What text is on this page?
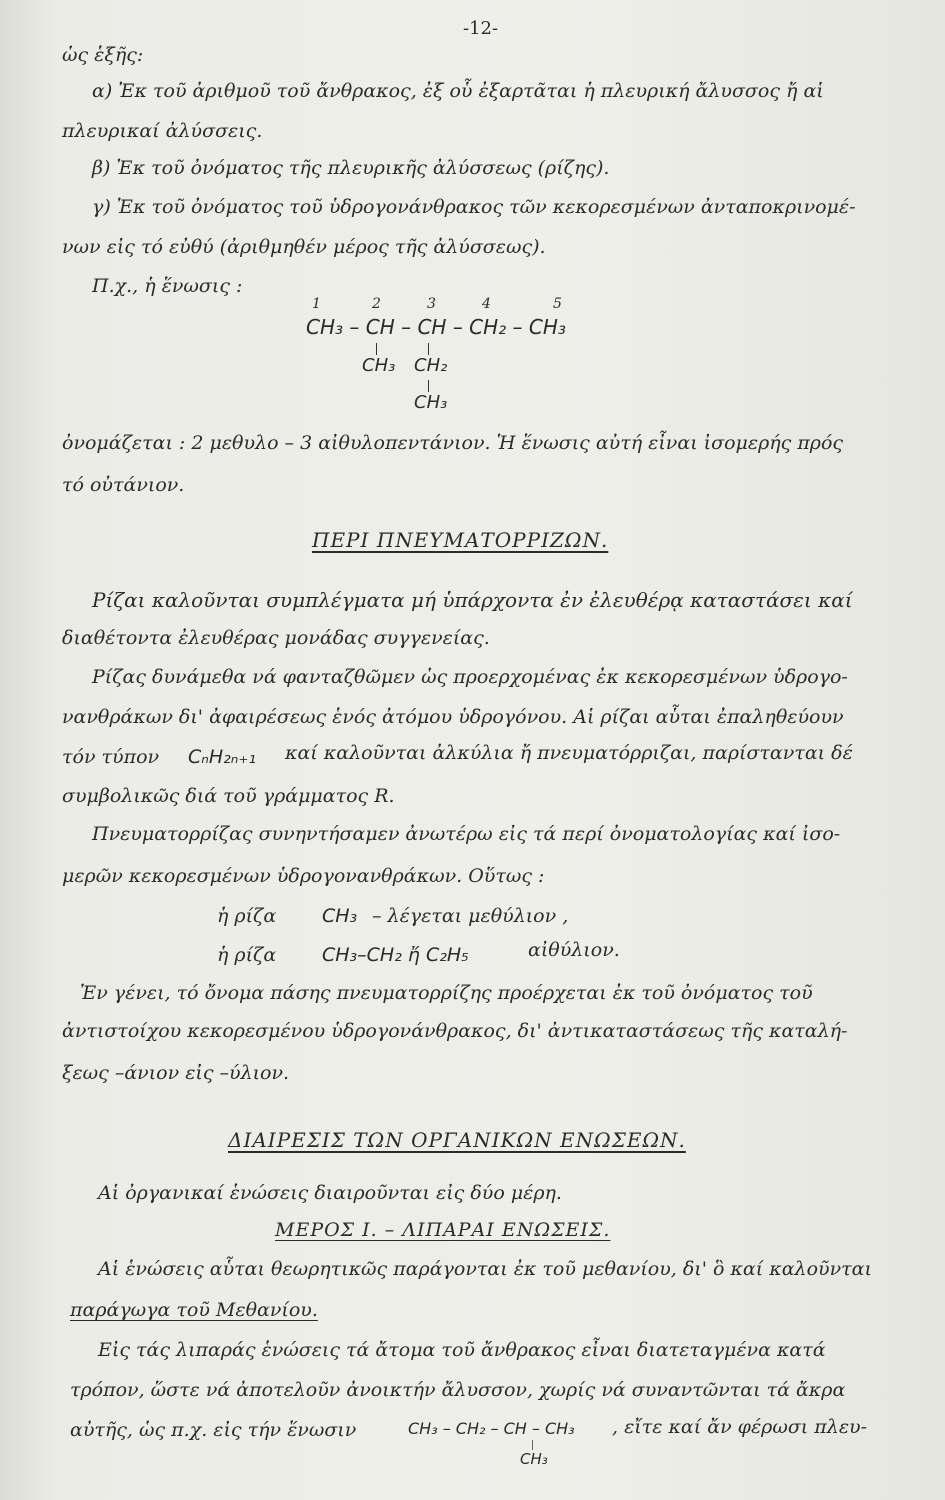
-12-
ὡς ἑξῆς:
α) Ἐκ τοῦ ἀριθμοῦ τοῦ ἄνθρακος, ἐξ οὗ ἐξαρτᾶται ἡ πλευρική ἄλυσσος ἤ αἱ
πλευρικαί ἀλύσσεις.
β) Ἐκ τοῦ ὀνόματος τῆς πλευρικῆς ἀλύσσεως (ρίζης).
γ) Ἐκ τοῦ ὀνόματος τοῦ ὑδρογονάνθρακος τῶν κεκορεσμένων ἀνταποκρινομέ-
νων εἰς τό εὐθύ (ἀριθμηθέν μέρος τῆς ἀλύσσεως).
Π.χ., ἡ ἕνωσις :
1	2	3	4	5
CH₃ – CH – CH – CH₂ – CH₃
CH₃ CH₂
CH₃
ὀνομάζεται : 2 μεθυλο – 3 αἰθυλοπεντάνιον. Ἡ ἕνωσις αὐτή εἶναι ἰσομερής πρός
τό οὐτάνιον.
ΠΕΡΙ ΠΝΕΥΜΑΤΟΡΡΙΖΩΝ.
Ρίζαι καλοῦνται συμπλέγματα μή ὑπάρχοντα ἐν ἐλευθέρᾳ καταστάσει καί
διαθέτοντα ἐλευθέρας μονάδας συγγενείας.
Ρίζας δυνάμεθα νά φανταζθῶμεν ὡς προερχομένας ἐκ κεκορεσμένων ὑδρογο-
νανθράκων δι' ἀφαιρέσεως ἑνός ἀτόμου ὑδρογόνου. Αἱ ρίζαι αὗται ἐπαληθεύουν
τόν τύπον CₙH₂ₙ₊₁ καί καλοῦνται ἀλκύλια ἤ πνευματόρριζαι, παρίστανται δέ
συμβολικῶς διά τοῦ γράμματος R.
Πνευματορρίζας συνηντήσαμεν ἀνωτέρω εἰς τά περί ὀνοματολογίας καί ἰσο-
μερῶν κεκορεσμένων ὑδρογονανθράκων. Οὕτως :
ἡ ρίζα CH₃ – λέγεται μεθύλιον ,
ἡ ρίζα CH₃–CH₂ ἤ C₂H₅	αἰθύλιον.
Ἐν γένει, τό ὄνομα πάσης πνευματορρίζης προέρχεται ἐκ τοῦ ὀνόματος τοῦ
ἀντιστοίχου κεκορεσμένου ὑδρογονάνθρακος, δι' ἀντικαταστάσεως τῆς καταλή-
ξεως –άνιον εἰς –ύλιον.
ΔΙΑΙΡΕΣΙΣ ΤΩΝ ΟΡΓΑΝΙΚΩΝ ΕΝΩΣΕΩΝ.
Αἱ ὀργανικαί ἑνώσεις διαιροῦνται εἰς δύο μέρη.
ΜΕΡΟΣ Ι. – ΛΙΠΑΡΑΙ ΕΝΩΣΕΙΣ.
Αἱ ἑνώσεις αὗται θεωρητικῶς παράγονται ἐκ τοῦ μεθανίου, δι' ὃ καί καλοῦνται
παράγωγα τοῦ Μεθανίου.
Εἰς τάς λιπαράς ἑνώσεις τά ἄτομα τοῦ ἄνθρακος εἶναι διατεταγμένα κατά
τρόπον, ὥστε νά ἀποτελοῦν ἀνοικτήν ἄλυσσον, χωρίς νά συναντῶνται τά ἄκρα
αὐτῆς, ὡς π.χ. εἰς τήν ἕνωσιν	CH₃ – CH₂ – CH – CH₃ , εἴτε καί ἄν φέρωσι πλευ-
CH₃
